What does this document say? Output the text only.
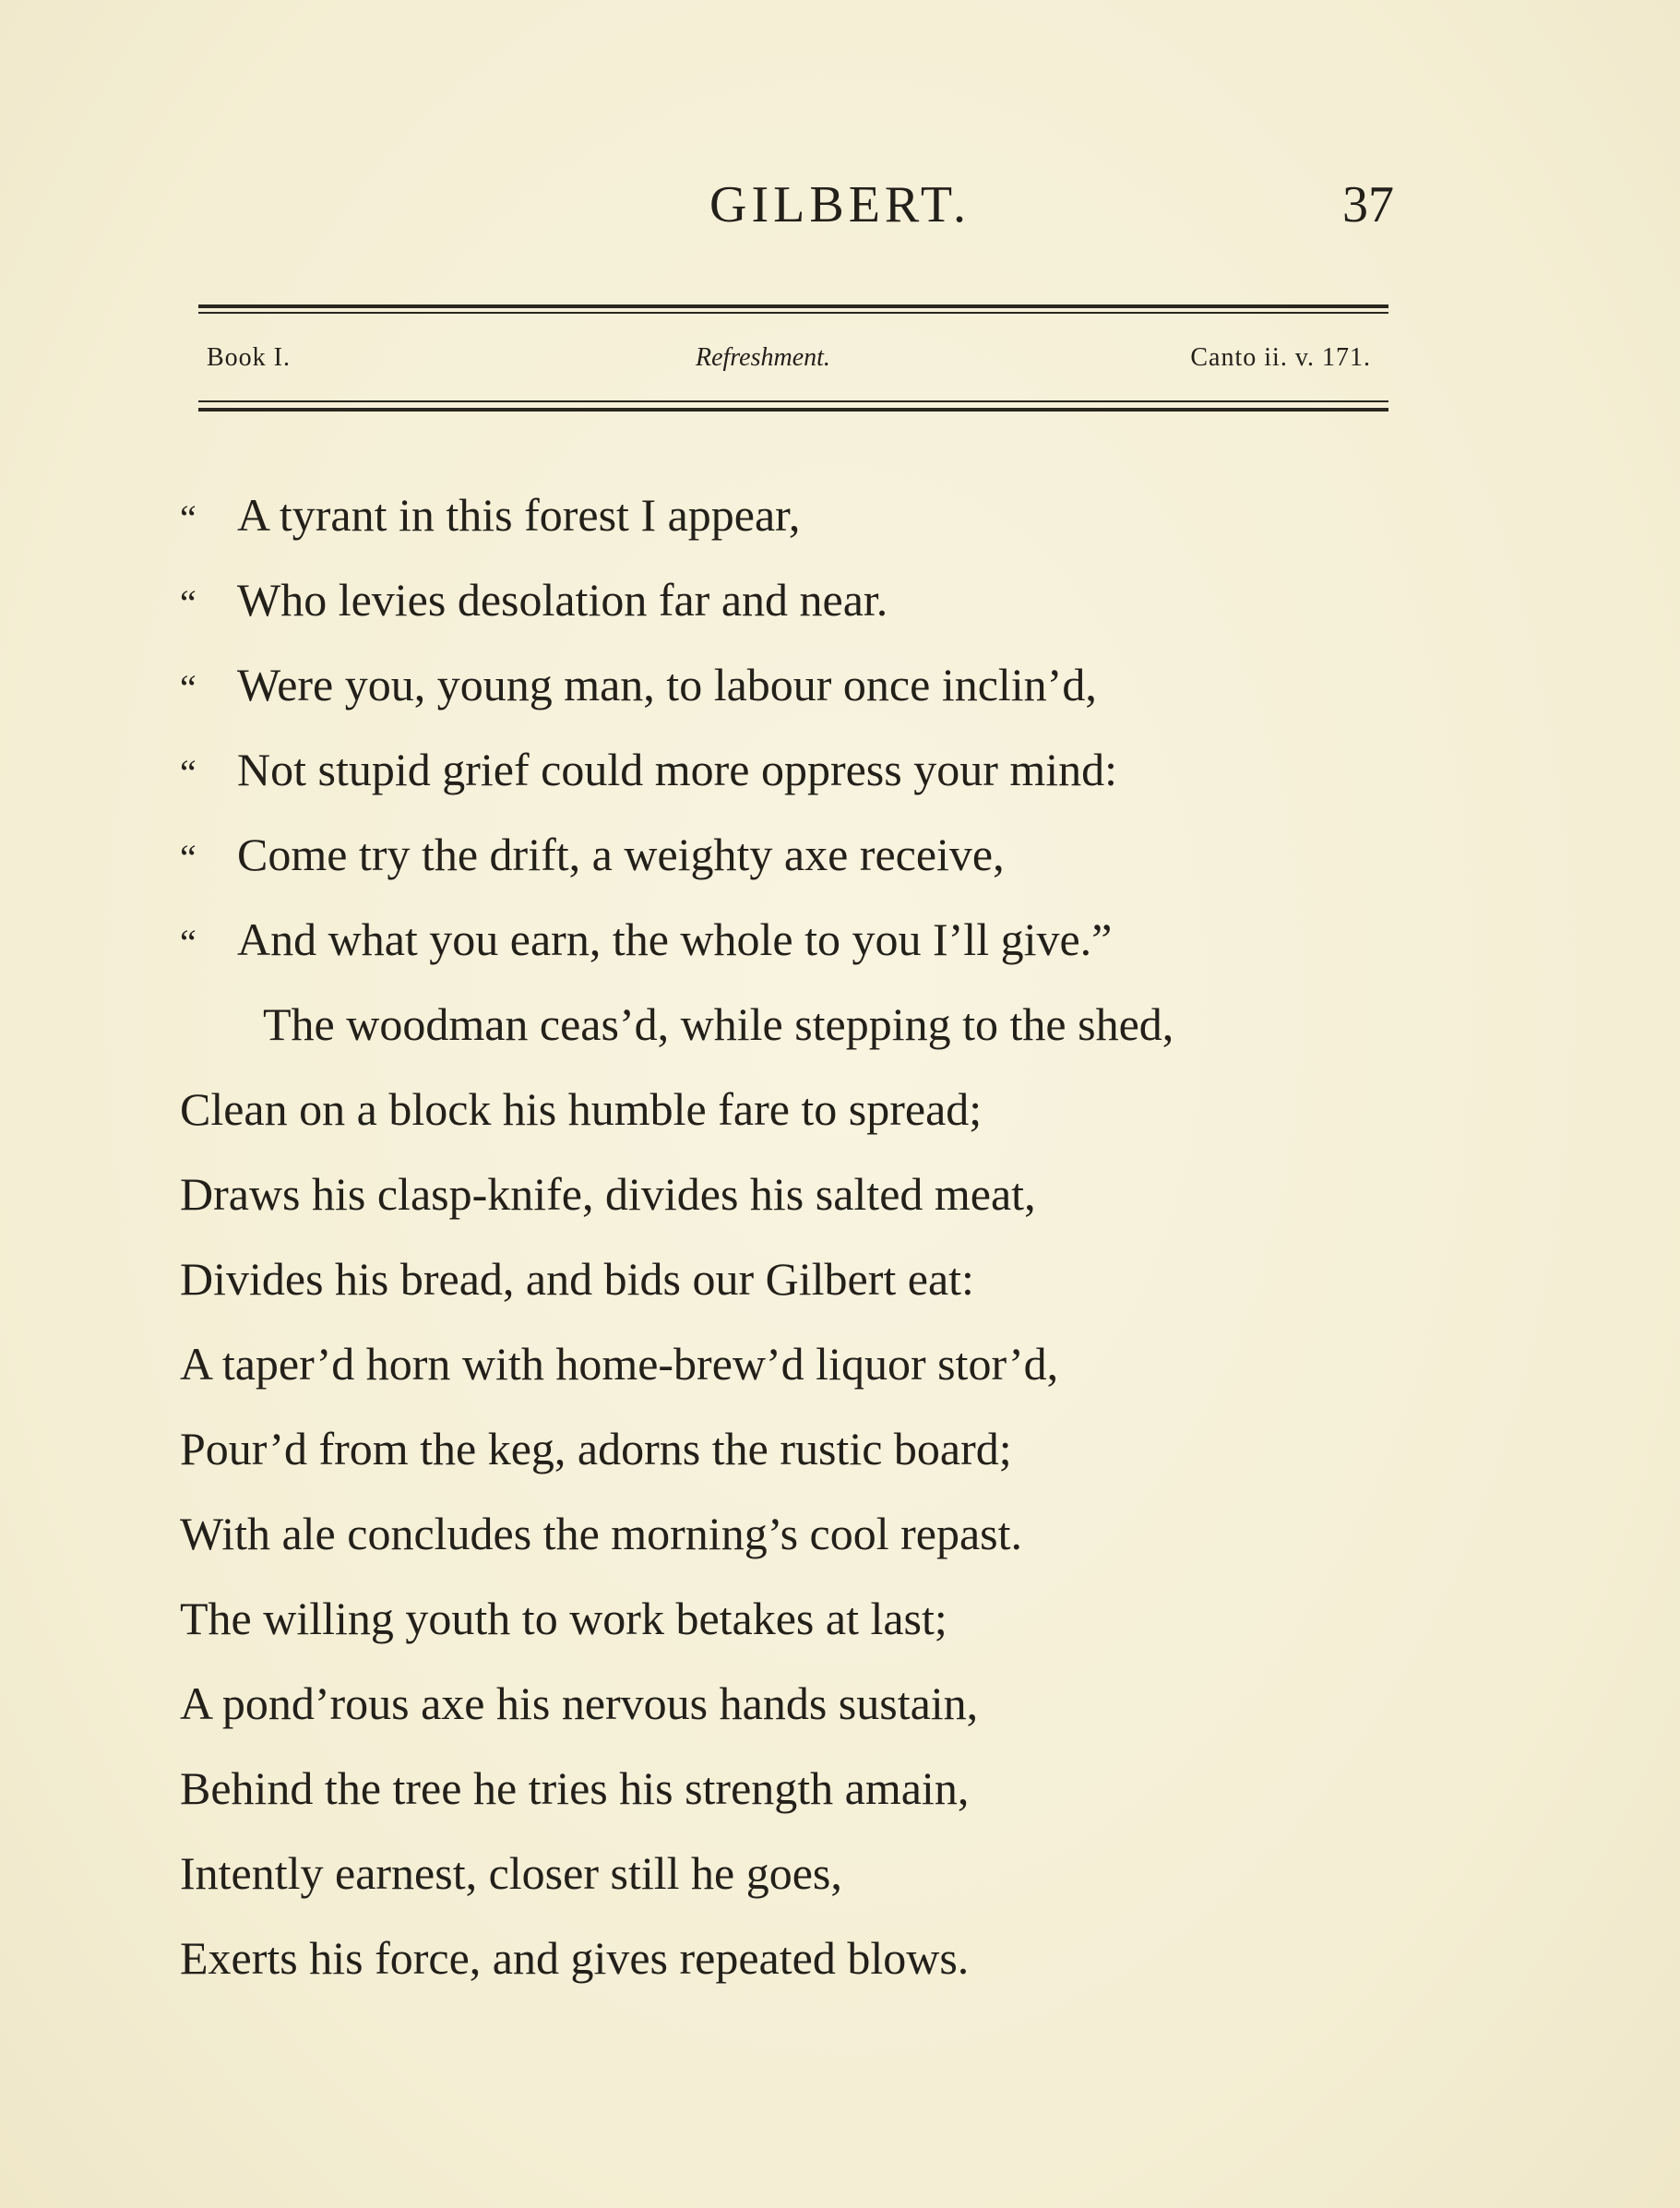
GILBERT.	37
Book I.	Refreshment.	Canto ii. v. 171.
“ A tyrant in this forest I appear,
“ Who levies desolation far and near.
“ Were you, young man, to labour once inclin’d,
“ Not stupid grief could more oppress your mind:
“ Come try the drift, a weighty axe receive,
“ And what you earn, the whole to you I’ll give.”
The woodman ceas’d, while stepping to the shed,
Clean on a block his humble fare to spread;
Draws his clasp-knife, divides his salted meat,
Divides his bread, and bids our Gilbert eat:
A taper’d horn with home-brew’d liquor stor’d,
Pour’d from the keg, adorns the rustic board;
With ale concludes the morning’s cool repast.
The willing youth to work betakes at last;
A pond’rous axe his nervous hands sustain,
Behind the tree he tries his strength amain,
Intently earnest, closer still he goes,
Exerts his force, and gives repeated blows.
